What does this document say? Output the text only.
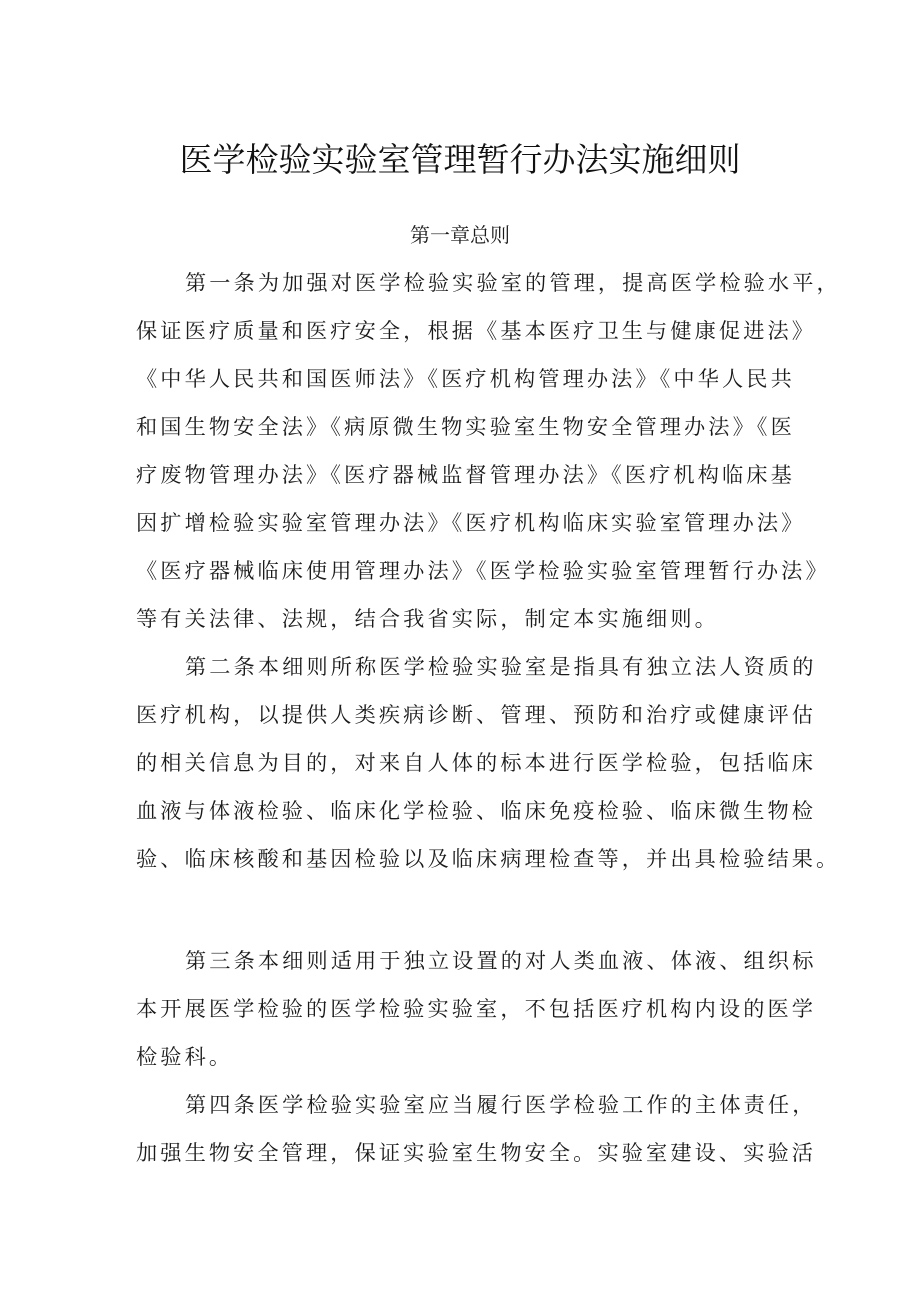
医学检验实验室管理暂行办法实施细则
第一章总则
第一条为加强对医学检验实验室的管理，提高医学检验水平，
保证医疗质量和医疗安全，根据《基本医疗卫生与健康促进法》
《中华人民共和国医师法》《医疗机构管理办法》《中华人民共
和国生物安全法》《病原微生物实验室生物安全管理办法》《医
疗废物管理办法》《医疗器械监督管理办法》《医疗机构临床基
因扩增检验实验室管理办法》《医疗机构临床实验室管理办法》
《医疗器械临床使用管理办法》《医学检验实验室管理暂行办法》
等有关法律、法规，结合我省实际，制定本实施细则。
第二条本细则所称医学检验实验室是指具有独立法人资质的
医疗机构，以提供人类疾病诊断、管理、预防和治疗或健康评估
的相关信息为目的，对来自人体的标本进行医学检验，包括临床
血液与体液检验、临床化学检验、临床免疫检验、临床微生物检
验、临床核酸和基因检验以及临床病理检查等，并出具检验结果。
第三条本细则适用于独立设置的对人类血液、体液、组织标
本开展医学检验的医学检验实验室，不包括医疗机构内设的医学
检验科。
第四条医学检验实验室应当履行医学检验工作的主体责任，
加强生物安全管理，保证实验室生物安全。实验室建设、实验活
